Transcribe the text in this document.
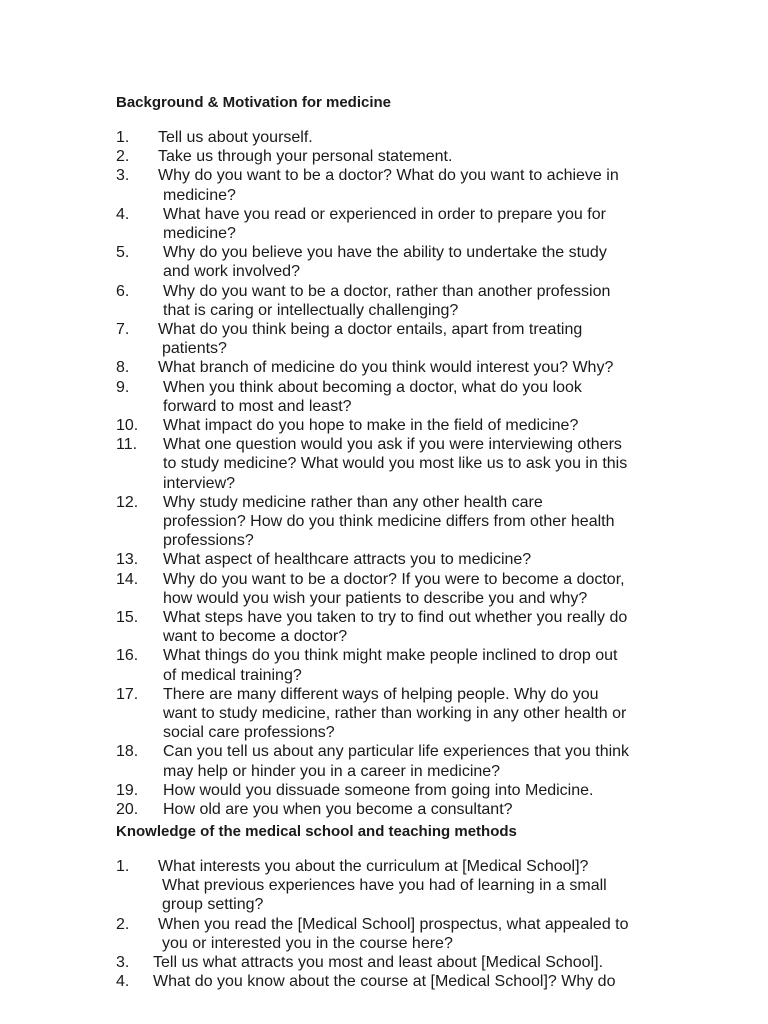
Background & Motivation for medicine
1. Tell us about yourself.
2. Take us through your personal statement.
3. Why do you want to be a doctor? What do you want to achieve in
medicine?
4. What have you read or experienced in order to prepare you for
medicine?
5. Why do you believe you have the ability to undertake the study
and work involved?
6. Why do you want to be a doctor, rather than another profession
that is caring or intellectually challenging?
7. What do you think being a doctor entails, apart from treating
patients?
8. What branch of medicine do you think would interest you? Why?
9. When you think about becoming a doctor, what do you look
forward to most and least?
10. What impact do you hope to make in the field of medicine?
11. What one question would you ask if you were interviewing others
to study medicine? What would you most like us to ask you in this
interview?
12. Why study medicine rather than any other health care
profession? How do you think medicine differs from other health
professions?
13. What aspect of healthcare attracts you to medicine?
14. Why do you want to be a doctor? If you were to become a doctor,
how would you wish your patients to describe you and why?
15. What steps have you taken to try to find out whether you really do
want to become a doctor?
16. What things do you think might make people inclined to drop out
of medical training?
17. There are many different ways of helping people. Why do you
want to study medicine, rather than working in any other health or
social care professions?
18. Can you tell us about any particular life experiences that you think
may help or hinder you in a career in medicine?
19. How would you dissuade someone from going into Medicine.
20. How old are you when you become a consultant?
Knowledge of the medical school and teaching methods
1. What interests you about the curriculum at [Medical School]?
What previous experiences have you had of learning in a small
group setting?
2. When you read the [Medical School] prospectus, what appealed to
you or interested you in the course here?
3. Tell us what attracts you most and least about [Medical School].
4. What do you know about the course at [Medical School]? Why do
